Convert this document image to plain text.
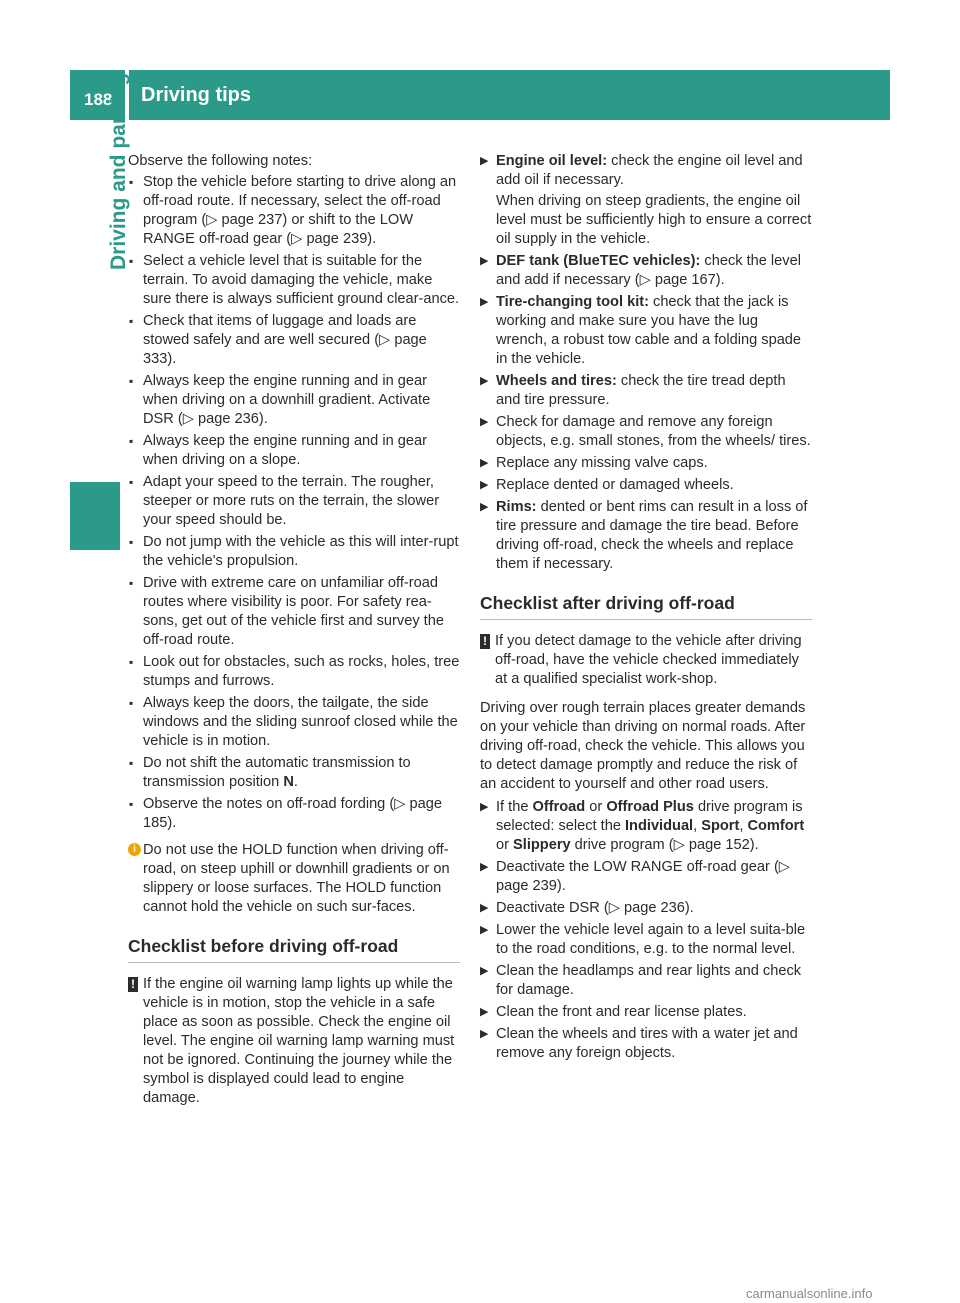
188 Driving tips
Driving and parking

Observe the following notes:

▪ Stop the vehicle before starting to drive along an off-road route. If necessary, select the off-road program (▷ page 237) or shift to the LOW RANGE off-road gear (▷ page 239).
▪ Select a vehicle level that is suitable for the terrain. To avoid damaging the vehicle, make sure there is always sufficient ground clear-ance.
▪ Check that items of luggage and loads are stowed safely and are well secured (▷ page 333).
▪ Always keep the engine running and in gear when driving on a downhill gradient. Activate DSR (▷ page 236).
▪ Always keep the engine running and in gear when driving on a slope.
▪ Adapt your speed to the terrain. The rougher, steeper or more ruts on the terrain, the slower your speed should be.
▪ Do not jump with the vehicle as this will inter-rupt the vehicle's propulsion.
▪ Drive with extreme care on unfamiliar off-road routes where visibility is poor. For safety rea-sons, get out of the vehicle first and survey the off-road route.
▪ Look out for obstacles, such as rocks, holes, tree stumps and furrows.
▪ Always keep the doors, the tailgate, the side windows and the sliding sunroof closed while the vehicle is in motion.
▪ Do not shift the automatic transmission to transmission position N.
▪ Observe the notes on off-road fording (▷ page 185).
i Do not use the HOLD function when driving off-road, on steep uphill or downhill gradients or on slippery or loose surfaces. The HOLD function cannot hold the vehicle on such sur-faces.
Checklist before driving off-road
! If the engine oil warning lamp lights up while the vehicle is in motion, stop the vehicle in a safe place as soon as possible. Check the engine oil level. The engine oil warning lamp warning must not be ignored. Continuing the journey while the symbol is displayed could lead to engine damage.
▶ Engine oil level: check the engine oil level and add oil if necessary.

When driving on steep gradients, the engine oil level must be sufficiently high to ensure a correct oil supply in the vehicle.

▶ DEF tank (BlueTEC vehicles): check the level and add if necessary (▷ page 167).

▶ Tire-changing tool kit: check that the jack is working and make sure you have the lug wrench, a robust tow cable and a folding spade in the vehicle.

▶ Wheels and tires: check the tire tread depth and tire pressure.

▶ Check for damage and remove any foreign objects, e.g. small stones, from the wheels/ tires.

▶ Replace any missing valve caps.

▶ Replace dented or damaged wheels.

▶ Rims: dented or bent rims can result in a loss of tire pressure and damage the tire bead. Before driving off-road, check the wheels and replace them if necessary.

Checklist after driving off-road
! If you detect damage to the vehicle after driving off-road, have the vehicle checked immediately at a qualified specialist work-shop.

Driving over rough terrain places greater demands on your vehicle than driving on normal roads. After driving off-road, check the vehicle. This allows you to detect damage promptly and reduce the risk of an accident to yourself and other road users.

▶ If the Offroad or Offroad Plus drive program is selected: select the Individual, Sport, Comfort or Slippery drive program (▷ page 152).

▶ Deactivate the LOW RANGE off-road gear (▷ page 239).

▶ Deactivate DSR (▷ page 236).

▶ Lower the vehicle level again to a level suita-ble to the road conditions, e.g. to the normal level.

▶ Clean the headlamps and rear lights and check for damage.

▶ Clean the front and rear license plates.

▶ Clean the wheels and tires with a water jet and remove any foreign objects.

carmanualsonline.info
